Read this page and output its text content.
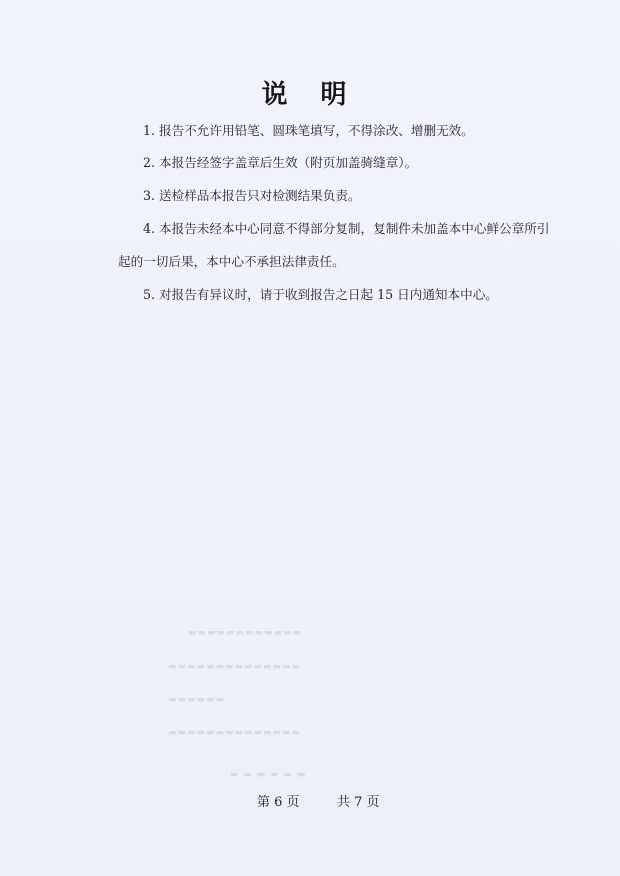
说 明
1. 报告不允许用铅笔、圆珠笔填写，不得涂改、增删无效。
2. 本报告经签字盖章后生效（附页加盖骑缝章）。
3. 送检样品本报告只对检测结果负责。
4. 本报告未经本中心同意不得部分复制，复制件未加盖本中心鲜公章所引
起的一切后果，本中心不承担法律责任。
5. 对报告有异议时，请于收到报告之日起 15 日内通知本中心。
▬▬▬▬▬▬▬▬▬▬▬▬
▬▬▬▬▬▬▬▬▬▬▬▬▬▬
▬▬▬▬▬▬
▬▬▬▬▬▬▬▬▬▬▬▬▬▬
▬ ▬ ▬ ▬ ▬ ▬
第 6 页	共 7 页
